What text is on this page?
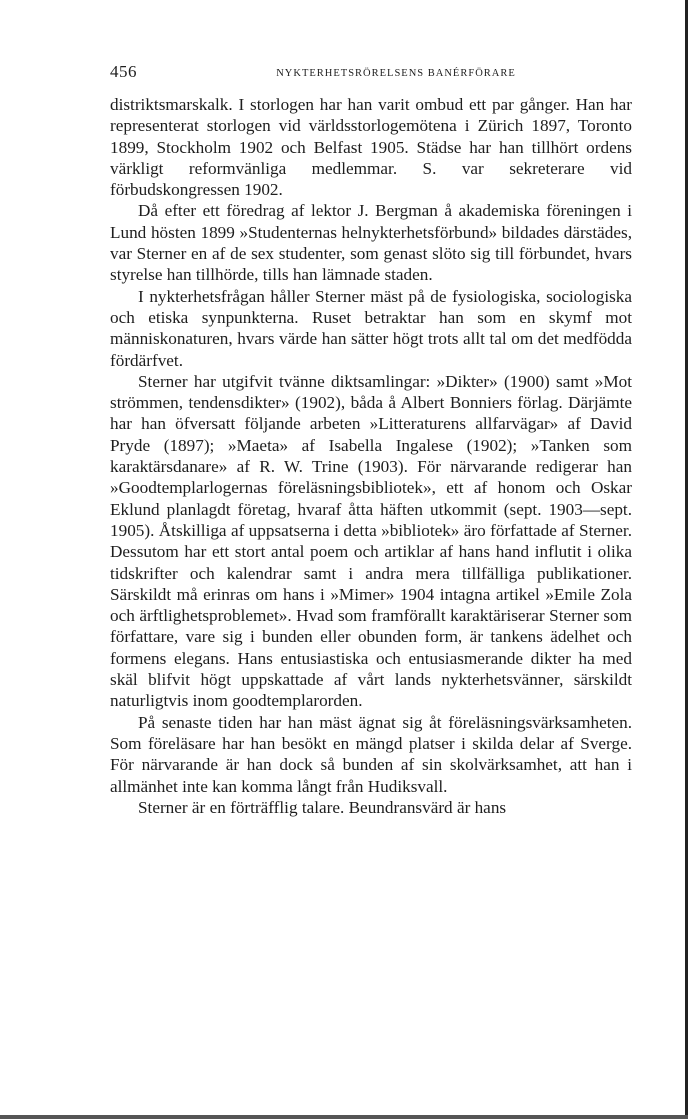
456	NYKTERHETSRÖRELSENS BANÉRFÖRARE

distriktsmarskalk. I storlogen har han varit ombud ett par gånger. Han har representerat storlogen vid världsstorlogemötena i Zürich 1897, Toronto 1899, Stockholm 1902 och Belfast 1905. Städse har han tillhört ordens värkligt reformvänliga medlemmar. S. var sekreterare vid förbudskongressen 1902.

Då efter ett föredrag af lektor J. Bergman å akademiska föreningen i Lund hösten 1899 »Studenternas helnykterhetsförbund» bildades därstädes, var Sterner en af de sex studenter, som genast slöto sig till förbundet, hvars styrelse han tillhörde, tills han lämnade staden.

I nykterhetsfrågan håller Sterner mäst på de fysiologiska, sociologiska och etiska synpunkterna. Ruset betraktar han som en skymf mot människonaturen, hvars värde han sätter högt trots allt tal om det medfödda fördärfvet.

Sterner har utgifvit tvänne diktsamlingar: »Dikter» (1900) samt »Mot strömmen, tendensdikter» (1902), båda å Albert Bonniers förlag. Därjämte har han öfversatt följande arbeten »Litteraturens allfarvägar» af David Pryde (1897); »Maeta» af Isabella Ingalese (1902); »Tanken som karaktärsdanare» af R. W. Trine (1903). För närvarande redigerar han »Goodtemplarlogernas föreläsningsbibliotek», ett af honom och Oskar Eklund planlagdt företag, hvaraf åtta häften utkommit (sept. 1903—sept. 1905). Åtskilliga af uppsatserna i detta »bibliotek» äro författade af Sterner. Dessutom har ett stort antal poem och artiklar af hans hand influtit i olika tidskrifter och kalendrar samt i andra mera tillfälliga publikationer. Särskildt må erinras om hans i »Mimer» 1904 intagna artikel »Emile Zola och ärftlighetsproblemet». Hvad som framförallt karaktäriserar Sterner som författare, vare sig i bunden eller obunden form, är tankens ädelhet och formens elegans. Hans entusiastiska och entusiasmerande dikter ha med skäl blifvit högt uppskattade af vårt lands nykterhetsvänner, särskildt naturligtvis inom goodtemplarorden.

På senaste tiden har han mäst ägnat sig åt föreläsningsvärksamheten. Som föreläsare har han besökt en mängd platser i skilda delar af Sverge. För närvarande är han dock så bunden af sin skolvärksamhet, att han i allmänhet inte kan komma långt från Hudiksvall.

Sterner är en förträfflig talare. Beundransvärd är hans
